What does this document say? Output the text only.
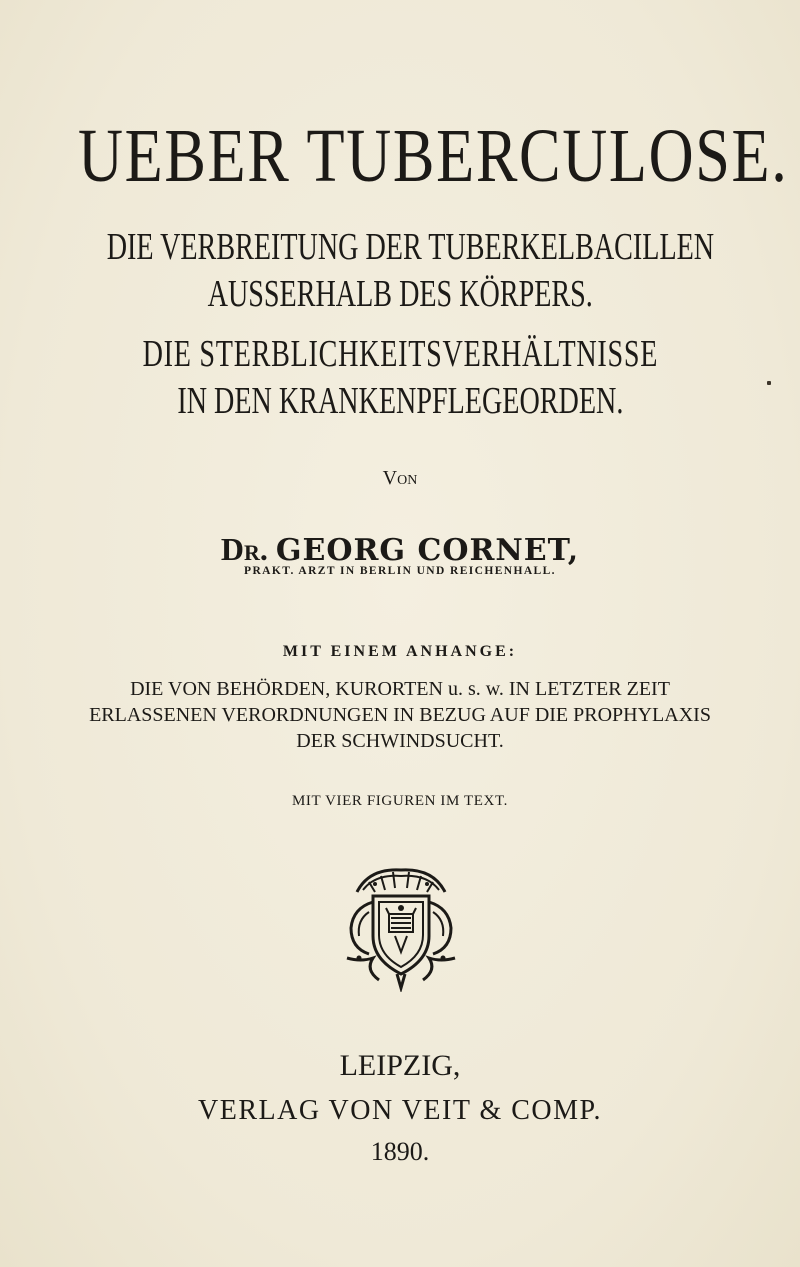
UEBER TUBERCULOSE.
DIE VERBREITUNG DER TUBERKELBACILLEN
AUSSERHALB DES KÖRPERS.
DIE STERBLICHKEITSVERHÄLTNISSE
IN DEN KRANKENPFLEGEORDEN.
Von
Dr. GEORG CORNET,
PRAKT. ARZT IN BERLIN UND REICHENHALL.
MIT EINEM ANHANGE:
DIE VON BEHÖRDEN, KURORTEN u. s. w. IN LETZTER ZEIT
ERLASSENEN VERORDNUNGEN IN BEZUG AUF DIE PROPHYLAXIS
DER SCHWINDSUCHT.
MIT VIER FIGUREN IM TEXT.
LEIPZIG,
VERLAG VON VEIT & COMP.
1890.
